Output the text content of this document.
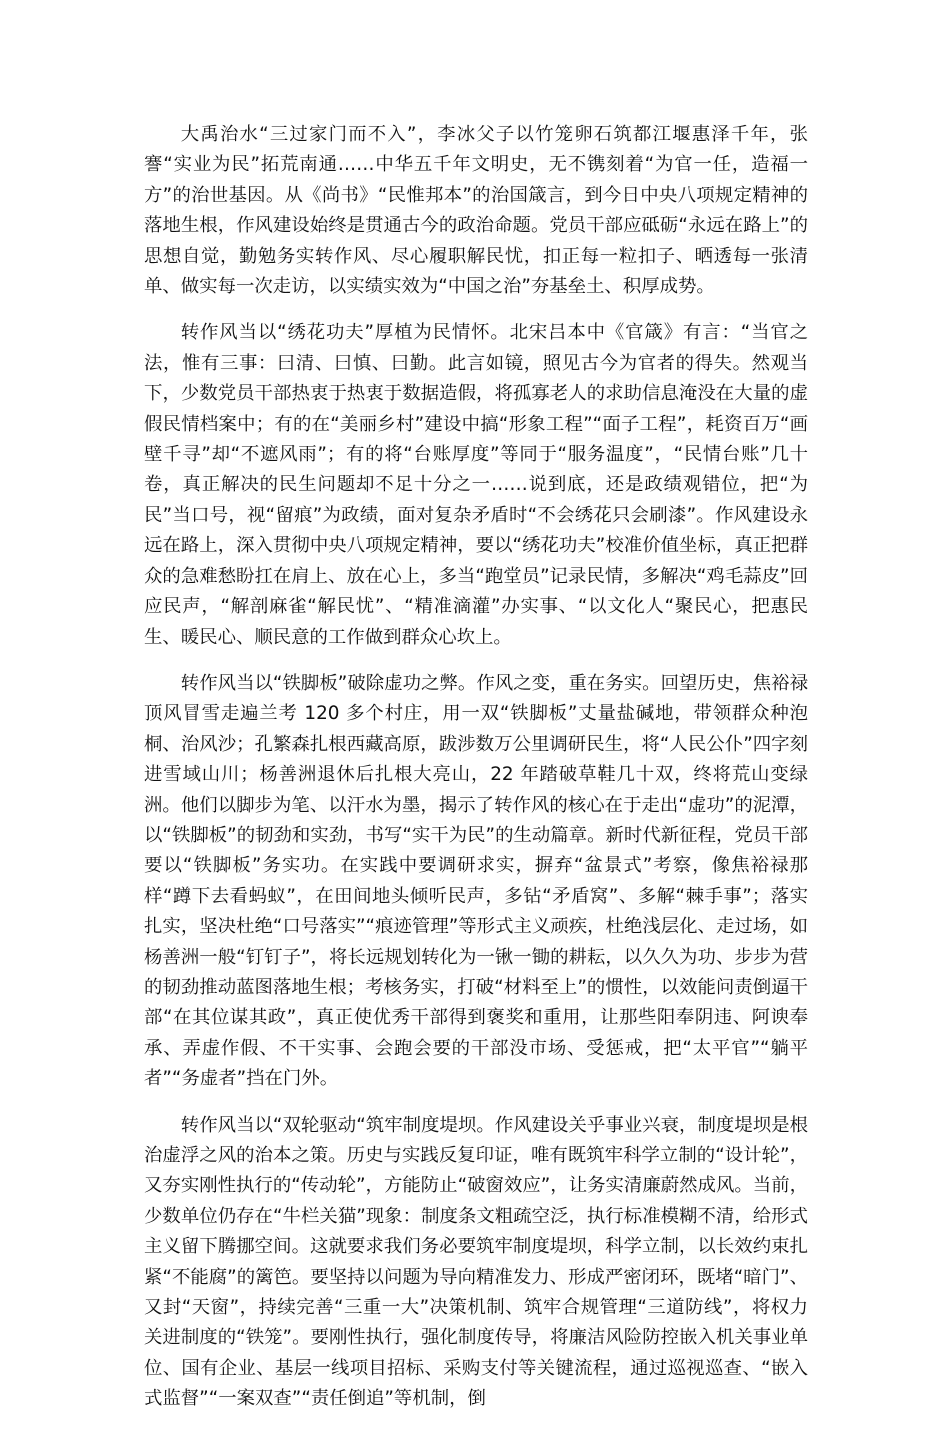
大禹治水“三过家门而不入”，李冰父子以竹笼卵石筑都江堰惠泽千年，张謇“实业为民”拓荒南通……中华五千年文明史，无不镌刻着“为官一任，造福一方”的治世基因。从《尚书》“民惟邦本”的治国箴言，到今日中央八项规定精神的落地生根，作风建设始终是贯通古今的政治命题。党员干部应砥砺“永远在路上”的思想自觉，勤勉务实转作风、尽心履职解民忧，扣正每一粒扣子、晒透每一张清单、做实每一次走访，以实绩实效为“中国之治”夯基垒土、积厚成势。

转作风当以“绣花功夫”厚植为民情怀。北宋吕本中《官箴》有言：“当官之法，惟有三事：曰清、曰慎、曰勤。此言如镜，照见古今为官者的得失。然观当下，少数党员干部热衷于热衷于数据造假，将孤寡老人的求助信息淹没在大量的虚假民情档案中；有的在“美丽乡村”建设中搞“形象工程”“面子工程”，耗资百万“画壁千寻”却“不遮风雨”；有的将“台账厚度”等同于“服务温度”，“民情台账”几十卷，真正解决的民生问题却不足十分之一……说到底，还是政绩观错位，把“为民”当口号，视“留痕”为政绩，面对复杂矛盾时“不会绣花只会刷漆”。作风建设永远在路上，深入贯彻中央八项规定精神，要以“绣花功夫”校准价值坐标，真正把群众的急难愁盼扛在肩上、放在心上，多当“跑堂员”记录民情，多解决“鸡毛蒜皮”回应民声，“解剖麻雀“解民忧”、“精准滴灌”办实事、“以文化人“聚民心，把惠民生、暖民心、顺民意的工作做到群众心坎上。

转作风当以“铁脚板”破除虚功之弊。作风之变，重在务实。回望历史，焦裕禄顶风冒雪走遍兰考 120 多个村庄，用一双“铁脚板”丈量盐碱地，带领群众种泡桐、治风沙；孔繁森扎根西藏高原，跋涉数万公里调研民生，将“人民公仆”四字刻进雪域山川；杨善洲退休后扎根大亮山，22 年踏破草鞋几十双，终将荒山变绿洲。他们以脚步为笔、以汗水为墨，揭示了转作风的核心在于走出“虚功”的泥潭，以“铁脚板”的韧劲和实劲，书写“实干为民”的生动篇章。新时代新征程，党员干部要以“铁脚板”务实功。在实践中要调研求实，摒弃“盆景式”考察，像焦裕禄那样“蹲下去看蚂蚁”，在田间地头倾听民声，多钻“矛盾窝”、多解“棘手事”；落实扎实，坚决杜绝“口号落实”“痕迹管理”等形式主义顽疾，杜绝浅层化、走过场，如杨善洲一般“钉钉子”，将长远规划转化为一锹一锄的耕耘，以久久为功、步步为营的韧劲推动蓝图落地生根；考核务实，打破“材料至上”的惯性，以效能问责倒逼干部“在其位谋其政”，真正使优秀干部得到褒奖和重用，让那些阳奉阴违、阿谀奉承、弄虚作假、不干实事、会跑会要的干部没市场、受惩戒，把“太平官”“躺平者”“务虚者”挡在门外。

转作风当以“双轮驱动“筑牢制度堤坝。作风建设关乎事业兴衰，制度堤坝是根治虚浮之风的治本之策。历史与实践反复印证，唯有既筑牢科学立制的“设计轮”，又夯实刚性执行的“传动轮”，方能防止“破窗效应”，让务实清廉蔚然成风。当前，少数单位仍存在“牛栏关猫”现象：制度条文粗疏空泛，执行标准模糊不清，给形式主义留下腾挪空间。这就要求我们务必要筑牢制度堤坝，科学立制，以长效约束扎紧“不能腐”的篱笆。要坚持以问题为导向精准发力、形成严密闭环，既堵“暗门”、又封“天窗”，持续完善“三重一大”决策机制、筑牢合规管理“三道防线”，将权力关进制度的“铁笼”。要刚性执行，强化制度传导，将廉洁风险防控嵌入机关事业单位、国有企业、基层一线项目招标、采购支付等关键流程，通过巡视巡查、“嵌入式监督”“一案双查”“责任倒追”等机制，倒
